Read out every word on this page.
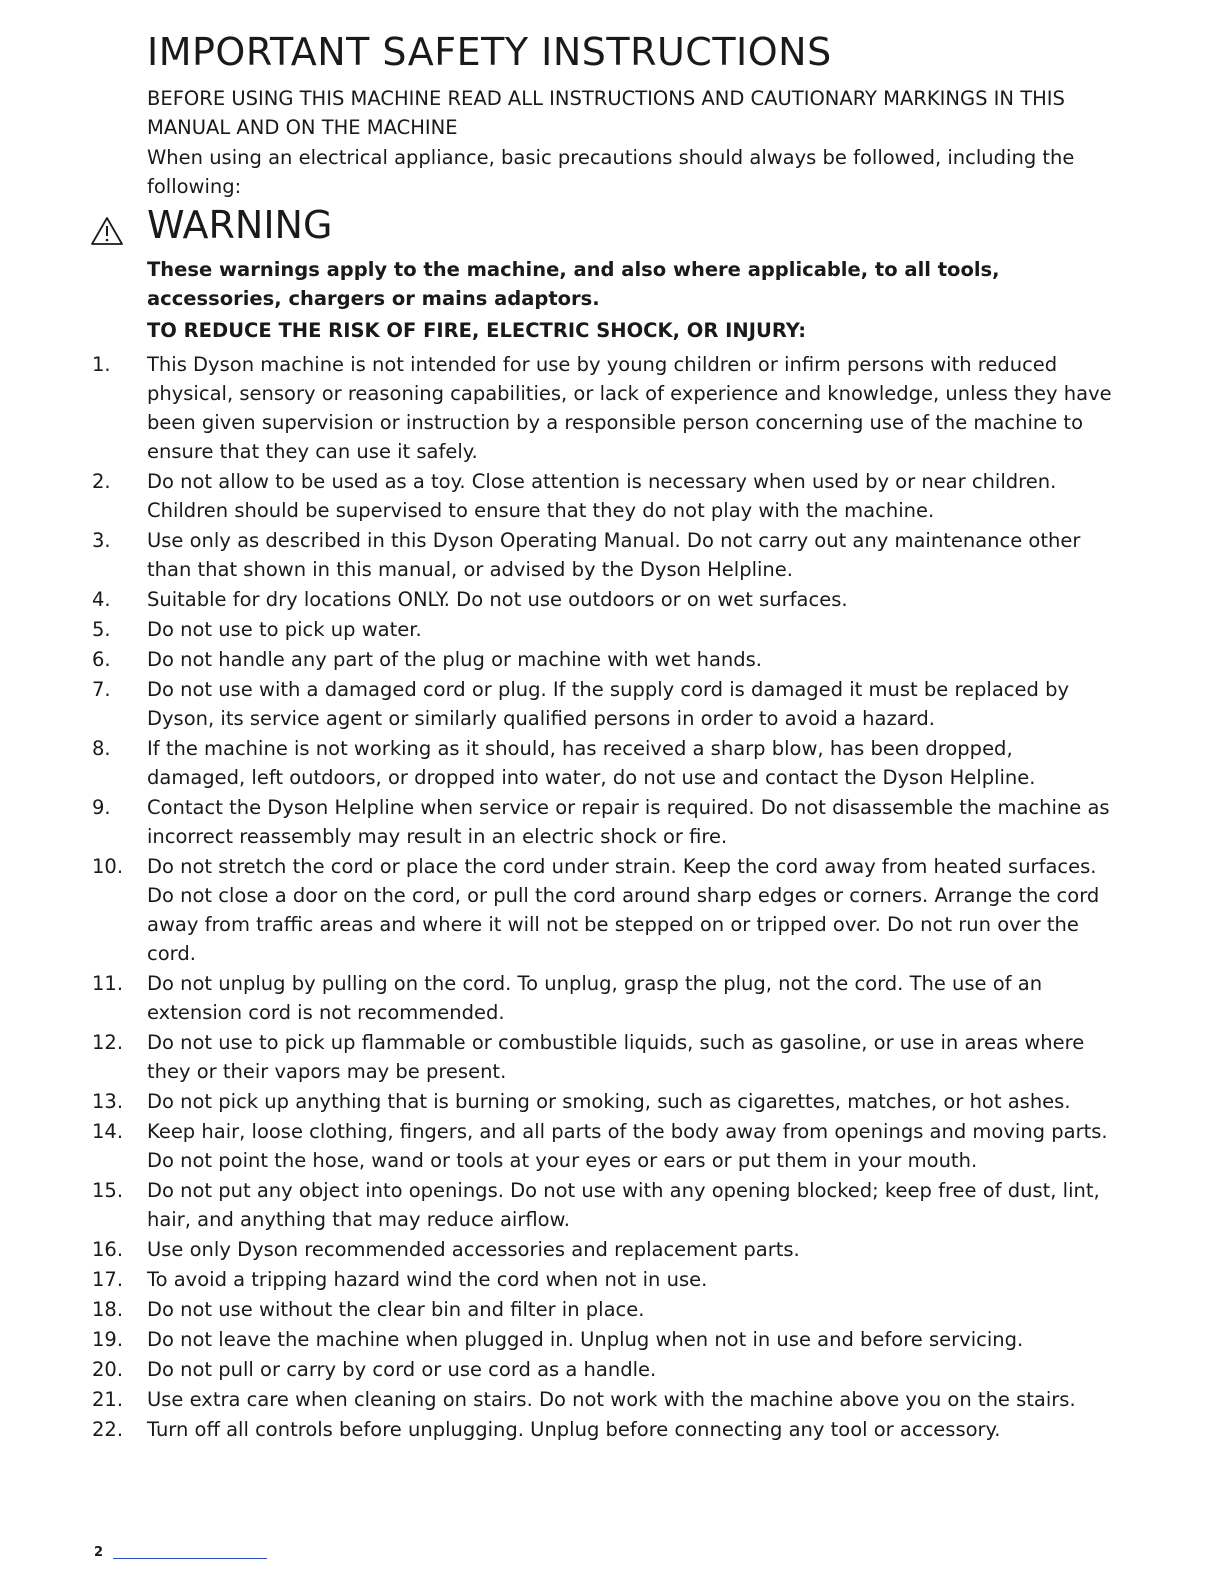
IMPORTANT SAFETY INSTRUCTIONS

BEFORE USING THIS MACHINE READ ALL INSTRUCTIONS AND CAUTIONARY MARKINGS IN THIS MANUAL AND ON THE MACHINE

When using an electrical appliance, basic precautions should always be followed, including the following:

WARNING

These warnings apply to the machine, and also where applicable, to all tools, accessories, chargers or mains adaptors.

TO REDUCE THE RISK OF FIRE, ELECTRIC SHOCK, OR INJURY:

1.	This Dyson machine is not intended for use by young children or infirm persons with reduced physical, sensory or reasoning capabilities, or lack of experience and knowledge, unless they have been given supervision or instruction by a responsible person concerning use of the machine to ensure that they can use it safely.
2.	Do not allow to be used as a toy. Close attention is necessary when used by or near children. Children should be supervised to ensure that they do not play with the machine.
3.	Use only as described in this Dyson Operating Manual. Do not carry out any maintenance other than that shown in this manual, or advised by the Dyson Helpline.
4.	Suitable for dry locations ONLY. Do not use outdoors or on wet surfaces.
5.	Do not use to pick up water.
6.	Do not handle any part of the plug or machine with wet hands.
7.	Do not use with a damaged cord or plug. If the supply cord is damaged it must be replaced by Dyson, its service agent or similarly qualified persons in order to avoid a hazard.
8.	If the machine is not working as it should, has received a sharp blow, has been dropped, damaged, left outdoors, or dropped into water, do not use and contact the Dyson Helpline.
9.	Contact the Dyson Helpline when service or repair is required. Do not disassemble the machine as incorrect reassembly may result in an electric shock or fire.
10.	Do not stretch the cord or place the cord under strain. Keep the cord away from heated surfaces. Do not close a door on the cord, or pull the cord around sharp edges or corners. Arrange the cord away from traffic areas and where it will not be stepped on or tripped over. Do not run over the cord.
11.	Do not unplug by pulling on the cord. To unplug, grasp the plug, not the cord. The use of an extension cord is not recommended.
12.	Do not use to pick up flammable or combustible liquids, such as gasoline, or use in areas where they or their vapors may be present.
13.	Do not pick up anything that is burning or smoking, such as cigarettes, matches, or hot ashes.
14.	Keep hair, loose clothing, fingers, and all parts of the body away from openings and moving parts. Do not point the hose, wand or tools at your eyes or ears or put them in your mouth.
15.	Do not put any object into openings. Do not use with any opening blocked; keep free of dust, lint, hair, and anything that may reduce airflow.
16.	Use only Dyson recommended accessories and replacement parts.
17.	To avoid a tripping hazard wind the cord when not in use.
18.	Do not use without the clear bin and filter in place.
19.	Do not leave the machine when plugged in. Unplug when not in use and before servicing.
20.	Do not pull or carry by cord or use cord as a handle.
21.	Use extra care when cleaning on stairs. Do not work with the machine above you on the stairs.
22.	Turn off all controls before unplugging. Unplug before connecting any tool or accessory.
2
